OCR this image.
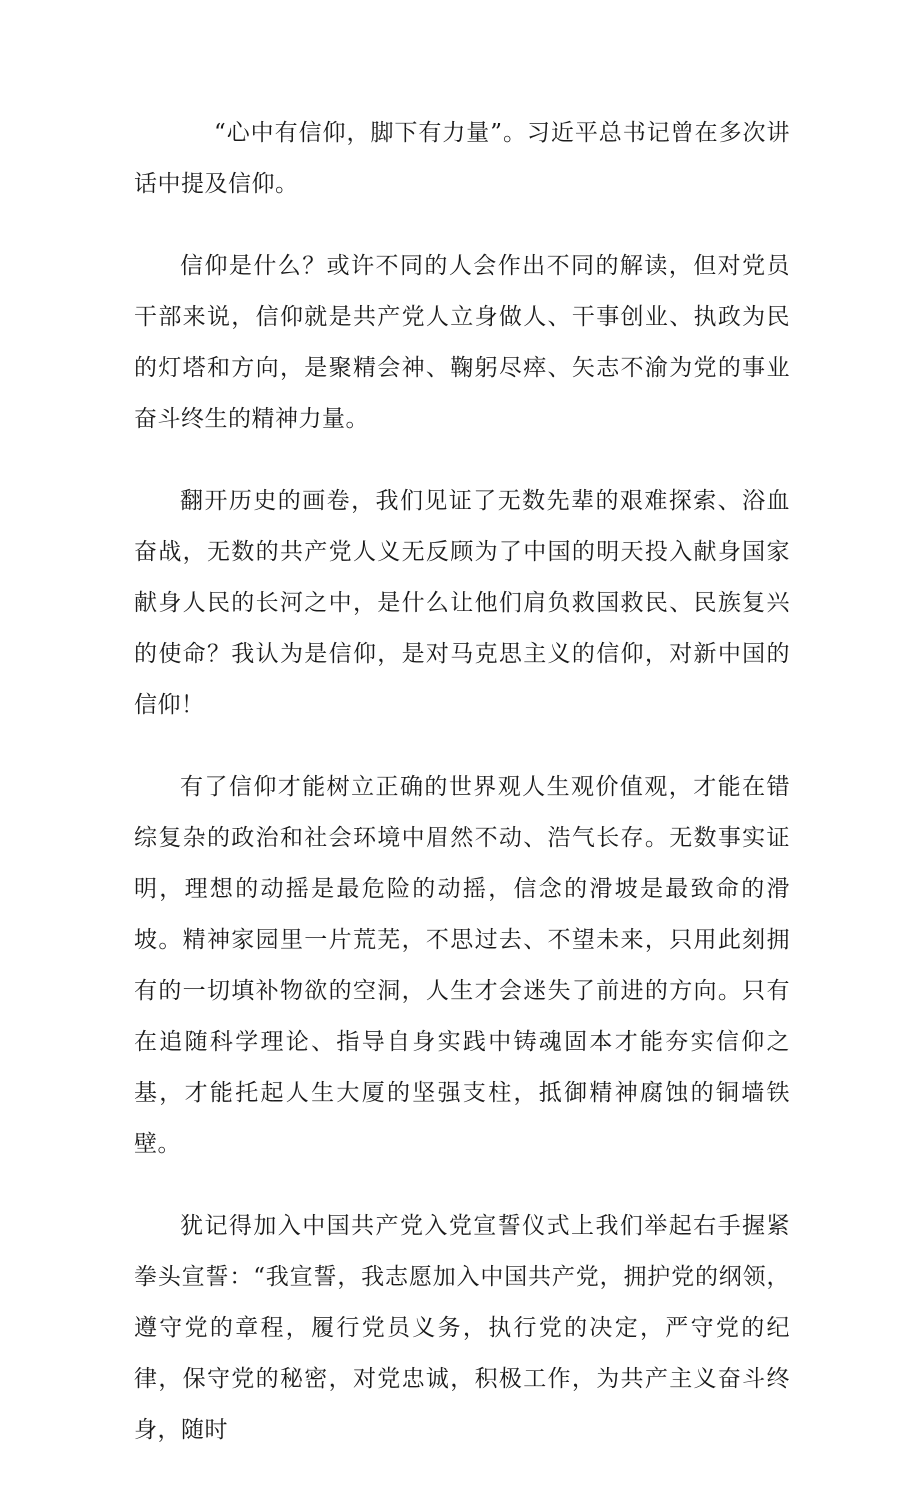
“心中有信仰，脚下有力量”。习近平总书记曾在多次讲话中提及信仰。

信仰是什么？或许不同的人会作出不同的解读，但对党员干部来说，信仰就是共产党人立身做人、干事创业、执政为民的灯塔和方向，是聚精会神、鞠躬尽瘁、矢志不渝为党的事业奋斗终生的精神力量。

翻开历史的画卷，我们见证了无数先辈的艰难探索、浴血奋战，无数的共产党人义无反顾为了中国的明天投入献身国家献身人民的长河之中，是什么让他们肩负救国救民、民族复兴的使命？我认为是信仰，是对马克思主义的信仰，对新中国的信仰！

有了信仰才能树立正确的世界观人生观价值观，才能在错综复杂的政治和社会环境中眉然不动、浩气长存。无数事实证明，理想的动摇是最危险的动摇，信念的滑坡是最致命的滑坡。精神家园里一片荒芜，不思过去、不望未来，只用此刻拥有的一切填补物欲的空洞，人生才会迷失了前进的方向。只有在追随科学理论、指导自身实践中铸魂固本才能夯实信仰之基，才能托起人生大厦的坚强支柱，抵御精神腐蚀的铜墙铁壁。

犹记得加入中国共产党入党宣誓仪式上我们举起右手握紧拳头宣誓：“我宣誓，我志愿加入中国共产党，拥护党的纲领，遵守党的章程，履行党员义务，执行党的决定，严守党的纪律，保守党的秘密，对党忠诚，积极工作，为共产主义奋斗终身，随时
